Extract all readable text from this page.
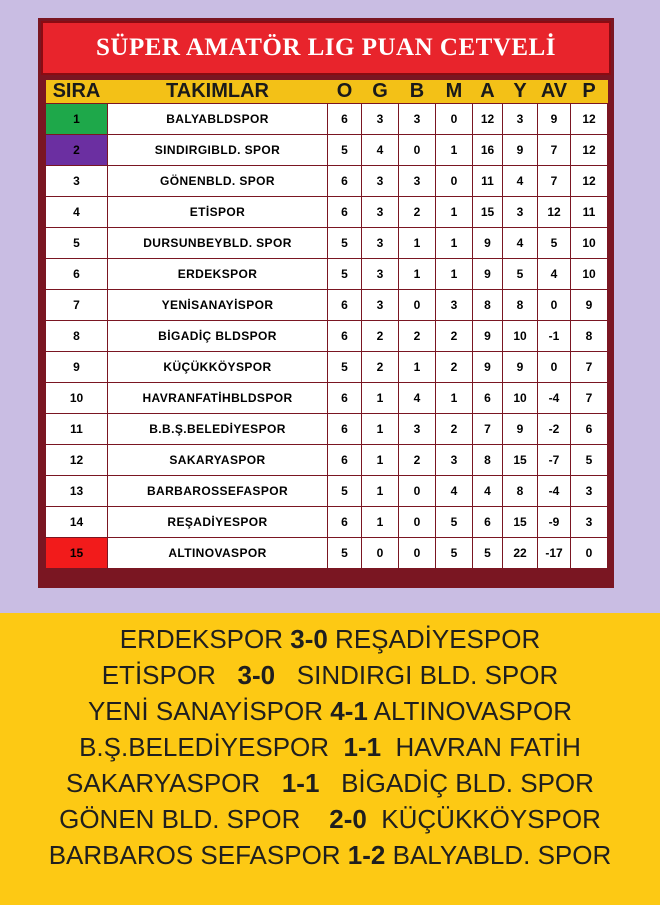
SÜPER AMATÖR LIG PUAN CETVELİ
SIRA	TAKIMLAR	O	G	B	M	A	Y	AV	P
1	BALYABLDSPOR	6	3	3	0	12	3	9	12
2	SINDIRGIBLD. SPOR	5	4	0	1	16	9	7	12
3	GÖNENBLD. SPOR	6	3	3	0	11	4	7	12
4	ETİSPOR	6	3	2	1	15	3	12	11
5	DURSUNBEYBLD. SPOR	5	3	1	1	9	4	5	10
6	ERDEKSPOR	5	3	1	1	9	5	4	10
7	YENİSANAYİSPOR	6	3	0	3	8	8	0	9
8	BİGADİÇ BLDSPOR	6	2	2	2	9	10	-1	8
9	KÜÇÜKKÖYSPOR	5	2	1	2	9	9	0	7
10	HAVRANFATİHBLDSPOR	6	1	4	1	6	10	-4	7
11	B.B.Ş.BELEDİYESPOR	6	1	3	2	7	9	-2	6
12	SAKARYASPOR	6	1	2	3	8	15	-7	5
13	BARBAROSSEFASPOR	5	1	0	4	4	8	-4	3
14	REŞADİYESPOR	6	1	0	5	6	15	-9	3
15	ALTINOVASPOR	5	0	0	5	5	22	-17	0
ERDEKSPOR 3-0 REŞADİYESPOR
ETİSPOR   3-0   SINDIRGI BLD. SPOR
YENİ SANAYİSPOR 4-1 ALTINOVASPOR
B.Ş.BELEDİYESPOR  1-1  HAVRAN FATİH
SAKARYASPOR   1-1   BİGADİÇ BLD. SPOR
GÖNEN BLD. SPOR    2-0  KÜÇÜKKÖYSPOR
BARBAROS SEFASPOR 1-2 BALYABLD. SPOR
